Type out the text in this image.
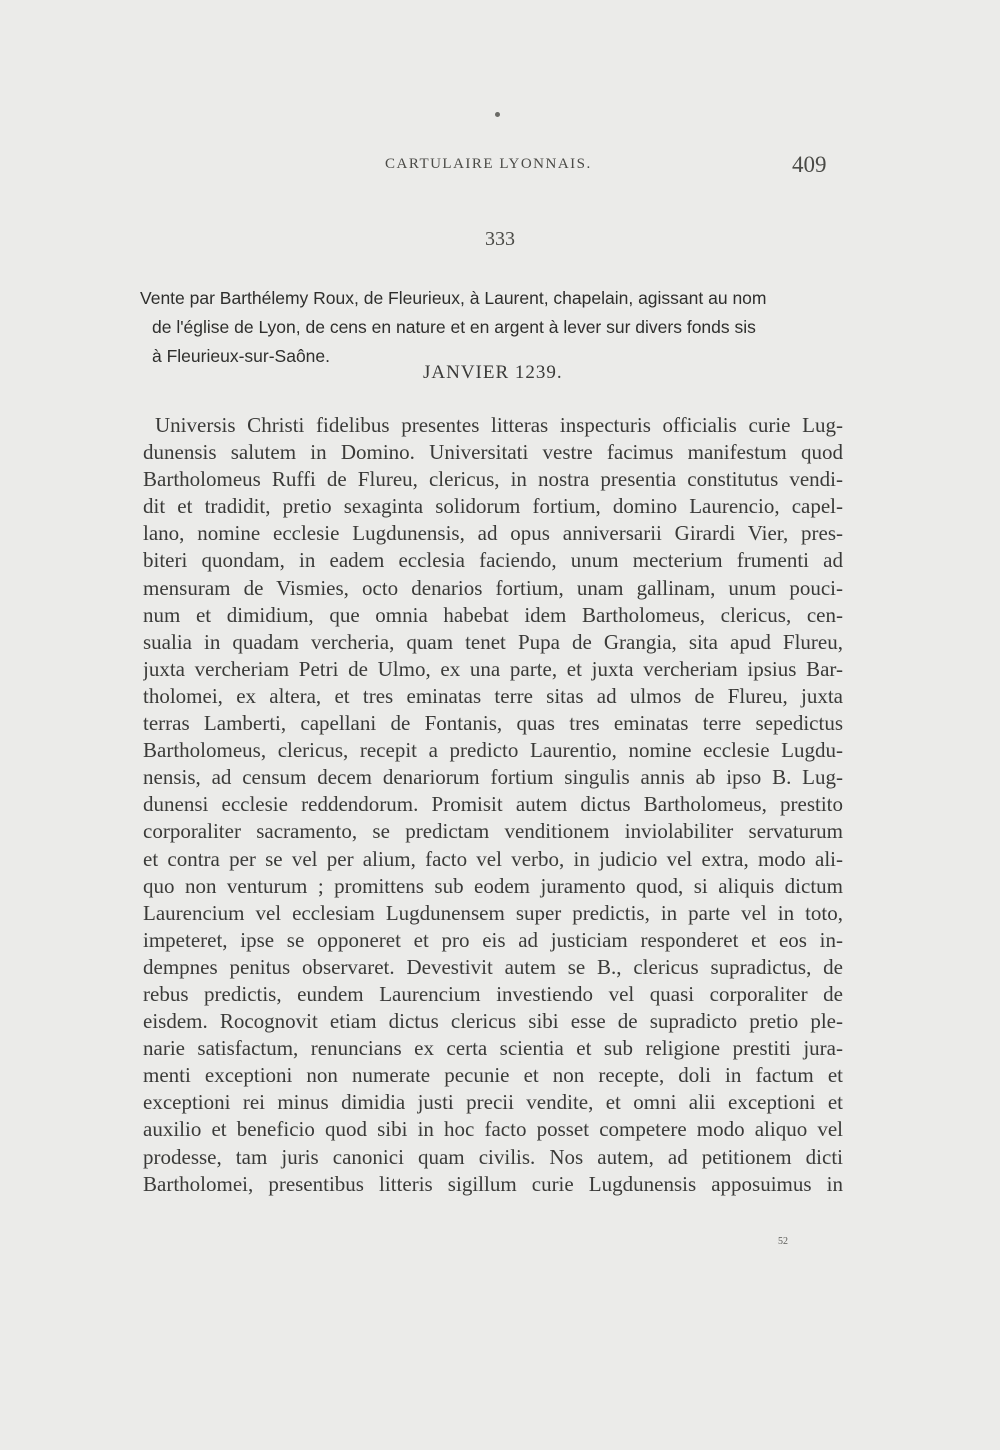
CARTULAIRE LYONNAIS.	409
333
Vente par Barthélemy Roux, de Fleurieux, à Laurent, chapelain, agissant au nom
de l'église de Lyon, de cens en nature et en argent à lever sur divers fonds sis
à Fleurieux-sur-Saône.
JANVIER 1239.
Universis Christi fidelibus presentes litteras inspecturis officialis curie Lug-
dunensis salutem in Domino. Universitati vestre facimus manifestum quod
Bartholomeus Ruffi de Flureu, clericus, in nostra presentia constitutus vendi-
dit et tradidit, pretio sexaginta solidorum fortium, domino Laurencio, capel-
lano, nomine ecclesie Lugdunensis, ad opus anniversarii Girardi Vier, pres-
biteri quondam, in eadem ecclesia faciendo, unum mecterium frumenti ad
mensuram de Vismies, octo denarios fortium, unam gallinam, unum pouci-
num et dimidium, que omnia habebat idem Bartholomeus, clericus, cen-
sualia in quadam vercheria, quam tenet Pupa de Grangia, sita apud Flureu,
juxta vercheriam Petri de Ulmo, ex una parte, et juxta vercheriam ipsius Bar-
tholomei, ex altera, et tres eminatas terre sitas ad ulmos de Flureu, juxta
terras Lamberti, capellani de Fontanis, quas tres eminatas terre sepedictus
Bartholomeus, clericus, recepit a predicto Laurentio, nomine ecclesie Lugdu-
nensis, ad censum decem denariorum fortium singulis annis ab ipso B. Lug-
dunensi ecclesie reddendorum. Promisit autem dictus Bartholomeus, prestito
corporaliter sacramento, se predictam venditionem inviolabiliter servaturum
et contra per se vel per alium, facto vel verbo, in judicio vel extra, modo ali-
quo non venturum ; promittens sub eodem juramento quod, si aliquis dictum
Laurencium vel ecclesiam Lugdunensem super predictis, in parte vel in toto,
impeteret, ipse se opponeret et pro eis ad justiciam responderet et eos in-
dempnes penitus observaret. Devestivit autem se B., clericus supradictus, de
rebus predictis, eundem Laurencium investiendo vel quasi corporaliter de
eisdem. Rocognovit etiam dictus clericus sibi esse de supradicto pretio ple-
narie satisfactum, renuncians ex certa scientia et sub religione prestiti jura-
menti exceptioni non numerate pecunie et non recepte, doli in factum et
exceptioni rei minus dimidia justi precii vendite, et omni alii exceptioni et
auxilio et beneficio quod sibi in hoc facto posset competere modo aliquo vel
prodesse, tam juris canonici quam civilis. Nos autem, ad petitionem dicti
Bartholomei, presentibus litteris sigillum curie Lugdunensis apposuimus in
52
